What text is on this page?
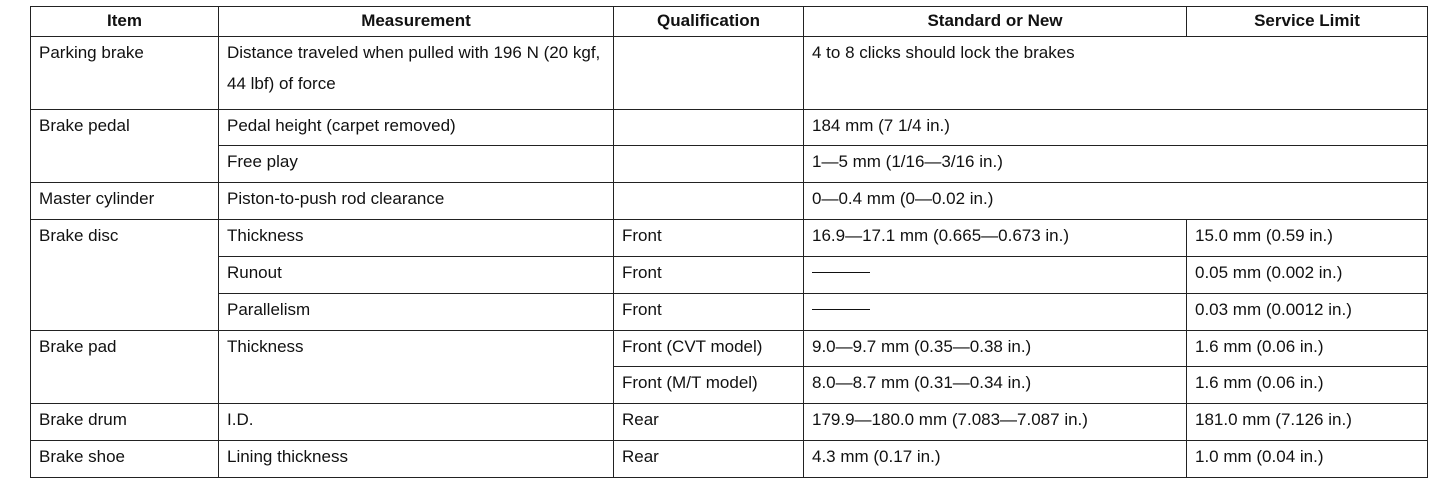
Item	Measurement	Qualification	Standard or New	Service Limit
Parking brake	Distance traveled when pulled with 196 N (20 kgf, 44 lbf) of force		4 to 8 clicks should lock the brakes	
Brake pedal	Pedal height (carpet removed)		184 mm (7 1/4 in.)	
	Free play		1—5 mm (1/16—3/16 in.)	
Master cylinder	Piston-to-push rod clearance		0—0.4 mm (0—0.02 in.)	
Brake disc	Thickness	Front	16.9—17.1 mm (0.665—0.673 in.)	15.0 mm (0.59 in.)
	Runout	Front		0.05 mm (0.002 in.)
	Parallelism	Front		0.03 mm (0.0012 in.)
Brake pad	Thickness	Front (CVT model)	9.0—9.7 mm (0.35—0.38 in.)	1.6 mm (0.06 in.)
		Front (M/T model)	8.0—8.7 mm (0.31—0.34 in.)	1.6 mm (0.06 in.)
Brake drum	I.D.	Rear	179.9—180.0 mm (7.083—7.087 in.)	181.0 mm (7.126 in.)
Brake shoe	Lining thickness	Rear	4.3 mm (0.17 in.)	1.0 mm (0.04 in.)
